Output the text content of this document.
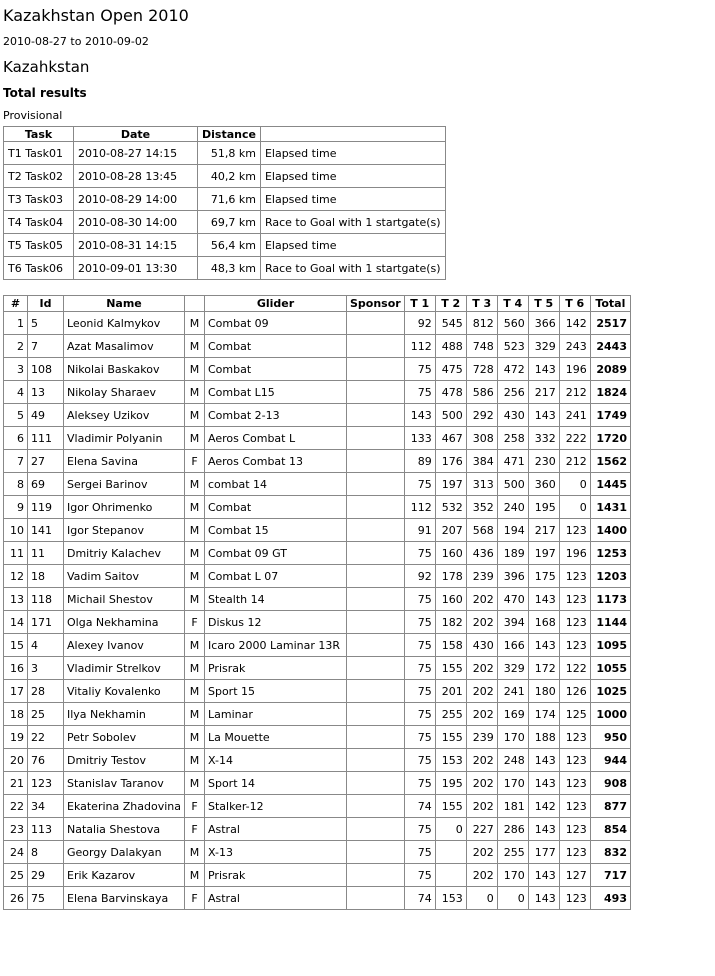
Kazakhstan Open 2010
2010-08-27 to 2010-09-02
Kazahkstan
Total results
Provisional
Task	Date	Distance	
T1 Task01	2010-08-27 14:15	51,8 km	Elapsed time
T2 Task02	2010-08-28 13:45	40,2 km	Elapsed time
T3 Task03	2010-08-29 14:00	71,6 km	Elapsed time
T4 Task04	2010-08-30 14:00	69,7 km	Race to Goal with 1 startgate(s)
T5 Task05	2010-08-31 14:15	56,4 km	Elapsed time
T6 Task06	2010-09-01 13:30	48,3 km	Race to Goal with 1 startgate(s)
#	Id	Name		Glider	Sponsor	T 1	T 2	T 3	T 4	T 5	T 6	Total
1	5	Leonid Kalmykov	M	Combat 09		92	545	812	560	366	142	2517
2	7	Azat Masalimov	M	Combat		112	488	748	523	329	243	2443
3	108	Nikolai Baskakov	M	Combat		75	475	728	472	143	196	2089
4	13	Nikolay Sharaev	M	Combat L15		75	478	586	256	217	212	1824
5	49	Aleksey Uzikov	M	Combat 2-13		143	500	292	430	143	241	1749
6	111	Vladimir Polyanin	M	Aeros Combat L		133	467	308	258	332	222	1720
7	27	Elena Savina	F	Aeros Combat 13		89	176	384	471	230	212	1562
8	69	Sergei Barinov	M	combat 14		75	197	313	500	360	0	1445
9	119	Igor Ohrimenko	M	Combat		112	532	352	240	195	0	1431
10	141	Igor Stepanov	M	Combat 15		91	207	568	194	217	123	1400
11	11	Dmitriy Kalachev	M	Combat 09 GT		75	160	436	189	197	196	1253
12	18	Vadim Saitov	M	Combat L 07		92	178	239	396	175	123	1203
13	118	Michail Shestov	M	Stealth 14		75	160	202	470	143	123	1173
14	171	Olga Nekhamina	F	Diskus 12		75	182	202	394	168	123	1144
15	4	Alexey Ivanov	M	Icaro 2000 Laminar 13R		75	158	430	166	143	123	1095
16	3	Vladimir Strelkov	M	Prisrak		75	155	202	329	172	122	1055
17	28	Vitaliy Kovalenko	M	Sport 15		75	201	202	241	180	126	1025
18	25	Ilya Nekhamin	M	Laminar		75	255	202	169	174	125	1000
19	22	Petr Sobolev	M	La Mouette		75	155	239	170	188	123	950
20	76	Dmitriy Testov	M	X-14		75	153	202	248	143	123	944
21	123	Stanislav Taranov	M	Sport 14		75	195	202	170	143	123	908
22	34	Ekaterina Zhadovina	F	Stalker-12		74	155	202	181	142	123	877
23	113	Natalia Shestova	F	Astral		75	0	227	286	143	123	854
24	8	Georgy Dalakyan	M	X-13		75		202	255	177	123	832
25	29	Erik Kazarov	M	Prisrak		75		202	170	143	127	717
26	75	Elena Barvinskaya	F	Astral		74	153	0	0	143	123	493
